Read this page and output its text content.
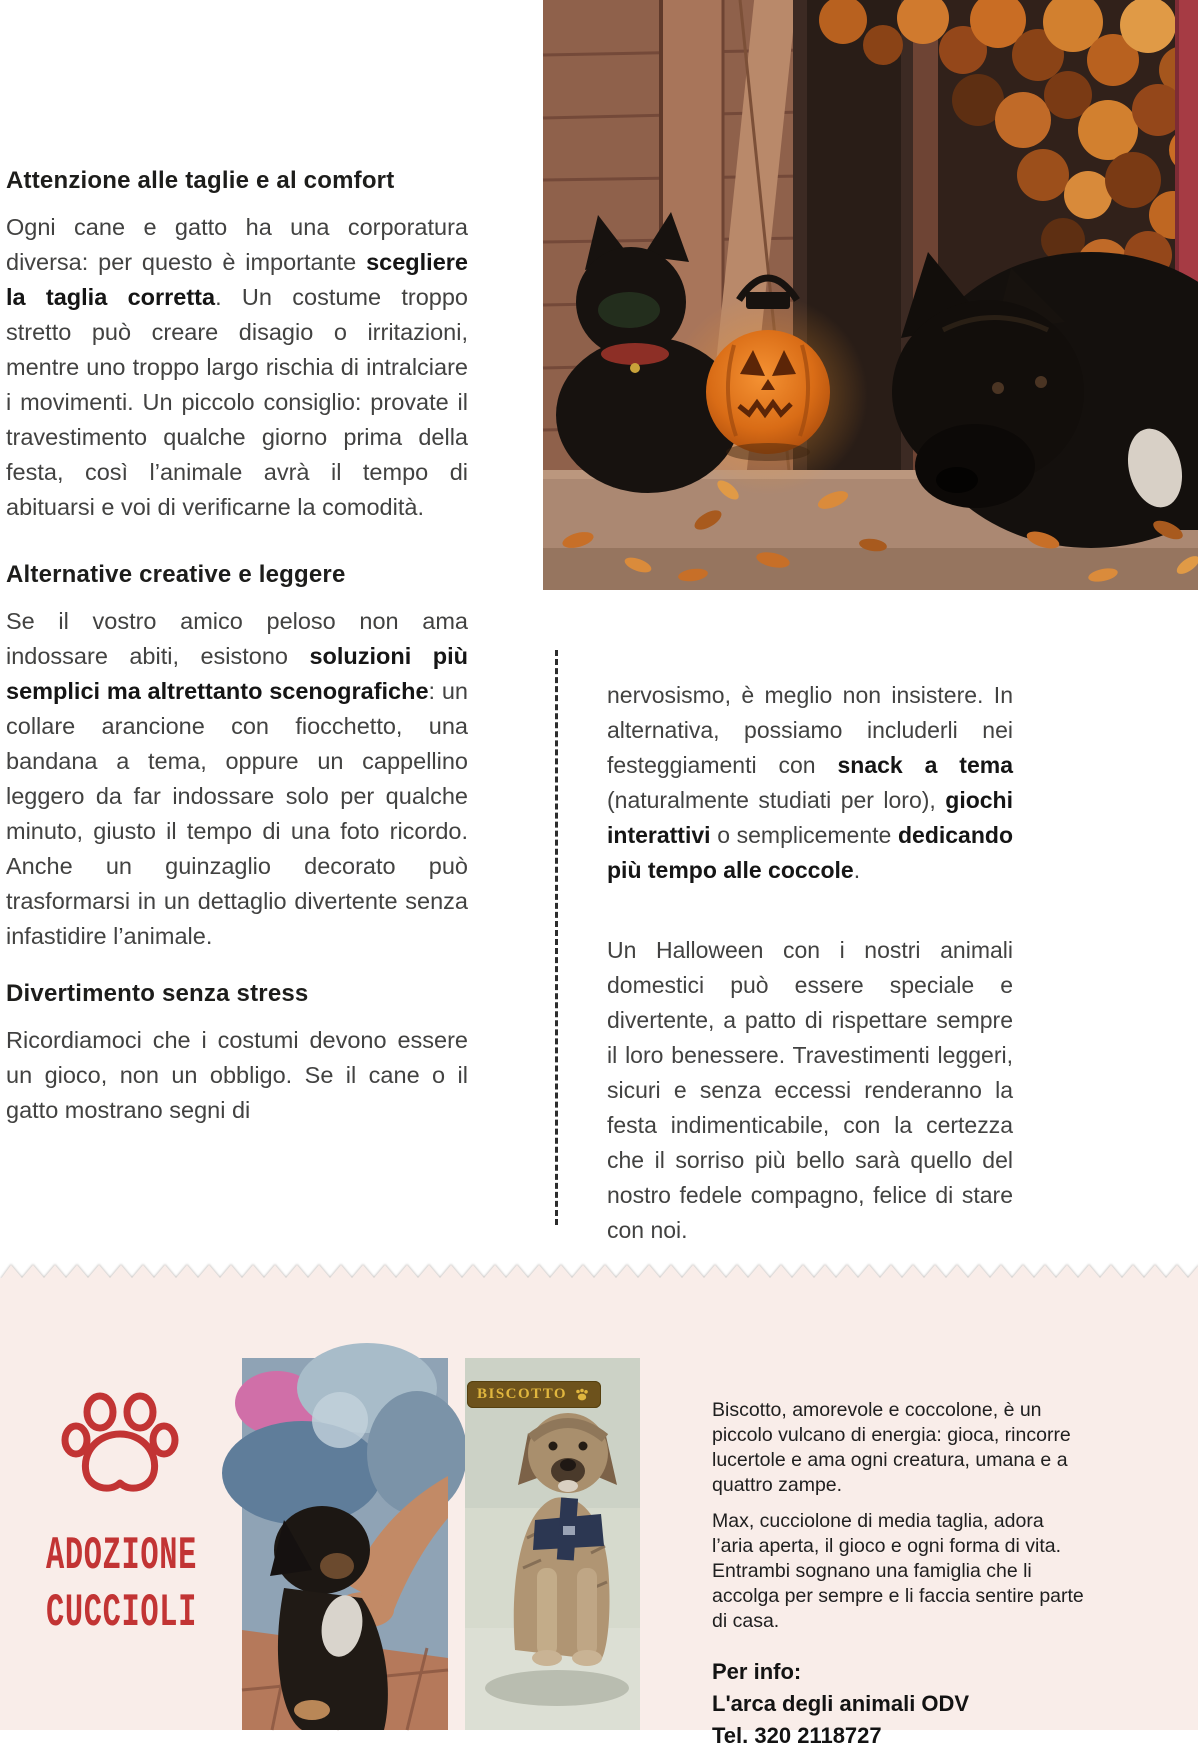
Attenzione alle taglie e al comfort

Ogni cane e gatto ha una corporatura diversa: per questo è importante scegliere la taglia corretta. Un costume troppo stretto può creare disagio o irritazioni, mentre uno troppo largo rischia di intralciare i movimenti. Un piccolo consiglio: provate il travestimento qualche giorno prima della festa, così l’animale avrà il tempo di abituarsi e voi di verificarne la comodità.

Alternative creative e leggere

Se il vostro amico peloso non ama indossare abiti, esistono soluzioni più semplici ma altrettanto scenografiche: un collare arancione con fiocchetto, una bandana a tema, oppure un cappellino leggero da far indossare solo per qualche minuto, giusto il tempo di una foto ricordo. Anche un guinzaglio decorato può trasformarsi in un dettaglio divertente senza infastidire l’animale.

Divertimento senza stress

Ricordiamoci che i costumi devono essere un gioco, non un obbligo. Se il cane o il gatto mostrano segni di

nervosismo, è meglio non insistere. In alternativa, possiamo includerli nei festeggiamenti con snack a tema (naturalmente studiati per loro), giochi interattivi o semplicemente dedicando più tempo alle coccole.

Un Halloween con i nostri animali domestici può essere speciale e divertente, a patto di rispettare sempre il loro benessere. Travestimenti leggeri, sicuri e senza eccessi renderanno la festa indimenticabile, con la certezza che il sorriso più bello sarà quello del nostro fedele compagno, felice di stare con noi.

ADOZIONE
CUCCIOLI
BISCOTTO

Biscotto, amorevole e coccolone, è un piccolo vulcano di energia: gioca, rincorre lucertole e ama ogni creatura, umana e a quattro zampe.

Max, cucciolone di media taglia, adora l’aria aperta, il gioco e ogni forma di vita. Entrambi sognano una famiglia che li accolga per sempre e li faccia sentire parte di casa.

Per info:
L'arca degli animali ODV
Tel. 320 2118727
